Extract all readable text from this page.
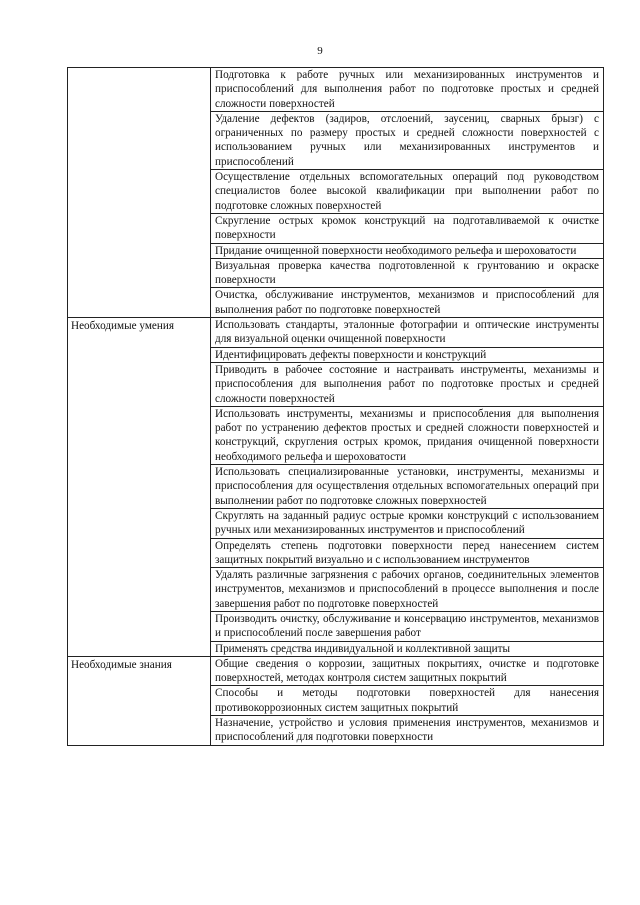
9
	Подготовка к работе ручных или механизированных инструментов и приспособлений для выполнения работ по подготовке простых и средней сложности поверхностей
	Удаление дефектов (задиров, отслоений, заусениц, сварных брызг) с ограниченных по размеру простых и средней сложности поверхностей с использованием ручных или механизированных инструментов и приспособлений
	Осуществление отдельных вспомогательных операций под руководством специалистов более высокой квалификации при выполнении работ по подготовке сложных поверхностей
	Скругление острых кромок конструкций на подготавливаемой к очистке поверхности
	Придание очищенной поверхности необходимого рельефа и шероховатости
	Визуальная проверка качества подготовленной к грунтованию и окраске поверхности
	Очистка, обслуживание инструментов, механизмов и приспособлений для выполнения работ по подготовке поверхностей
Необходимые умения	Использовать стандарты, эталонные фотографии и оптические инструменты для визуальной оценки очищенной поверхности
	Идентифицировать дефекты поверхности и конструкций
	Приводить в рабочее состояние и настраивать инструменты, механизмы и приспособления для выполнения работ по подготовке простых и средней сложности поверхностей
	Использовать инструменты, механизмы и приспособления для выполнения работ по устранению дефектов простых и средней сложности поверхностей и конструкций, скругления острых кромок, придания очищенной поверхности необходимого рельефа и шероховатости
	Использовать специализированные установки, инструменты, механизмы и приспособления для осуществления отдельных вспомогательных операций при выполнении работ по подготовке сложных поверхностей
	Скруглять на заданный радиус острые кромки конструкций с использованием ручных или механизированных инструментов и приспособлений
	Определять степень подготовки поверхности перед нанесением систем защитных покрытий визуально и с использованием инструментов
	Удалять различные загрязнения с рабочих органов, соединительных элементов инструментов, механизмов и приспособлений в процессе выполнения и после завершения работ по подготовке поверхностей
	Производить очистку, обслуживание и консервацию инструментов, механизмов и приспособлений после завершения работ
	Применять средства индивидуальной и коллективной защиты
Необходимые знания	Общие сведения о коррозии, защитных покрытиях, очистке и подготовке поверхностей, методах контроля систем защитных покрытий
	Способы и методы подготовки поверхностей для нанесения противокоррозионных систем защитных покрытий
	Назначение, устройство и условия применения инструментов, механизмов и приспособлений для подготовки поверхности
